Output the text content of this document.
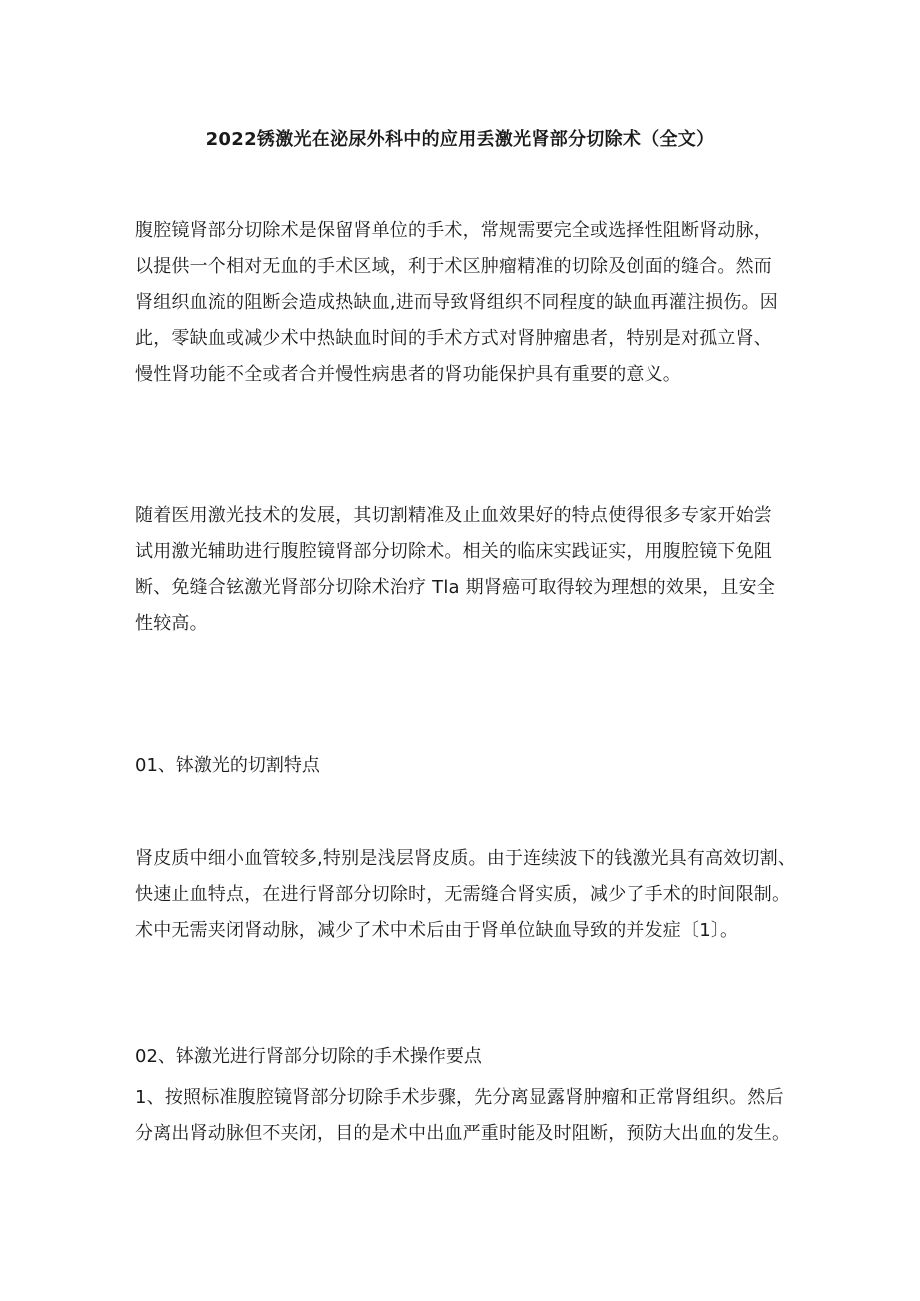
2022锈激光在泌尿外科中的应用丢激光肾部分切除术（全文）

腹腔镜肾部分切除术是保留肾单位的手术，常规需要完全或选择性阻断肾动脉，
以提供一个相对无血的手术区域，利于术区肿瘤精准的切除及创面的缝合。然而
肾组织血流的阻断会造成热缺血,进而导致肾组织不同程度的缺血再灌注损伤。因
此，零缺血或减少术中热缺血时间的手术方式对肾肿瘤患者，特别是对孤立肾、
慢性肾功能不全或者合并慢性病患者的肾功能保护具有重要的意义。

随着医用激光技术的发展，其切割精准及止血效果好的特点使得很多专家开始尝
试用激光辅助进行腹腔镜肾部分切除术。相关的临床实践证实，用腹腔镜下免阻
断、免缝合铉激光肾部分切除术治疗 Tla 期肾癌可取得较为理想的效果，且安全
性较高。

01、钵激光的切割特点

肾皮质中细小血管较多,特别是浅层肾皮质。由于连续波下的钱激光具有高效切割、
快速止血特点，在进行肾部分切除时，无需缝合肾实质，减少了手术的时间限制。
术中无需夹闭肾动脉，减少了术中术后由于肾单位缺血导致的并发症〔1〕。

02、钵激光进行肾部分切除的手术操作要点

1、按照标准腹腔镜肾部分切除手术步骤，先分离显露肾肿瘤和正常肾组织。然后
分离出肾动脉但不夹闭，目的是术中出血严重时能及时阻断，预防大出血的发生。
